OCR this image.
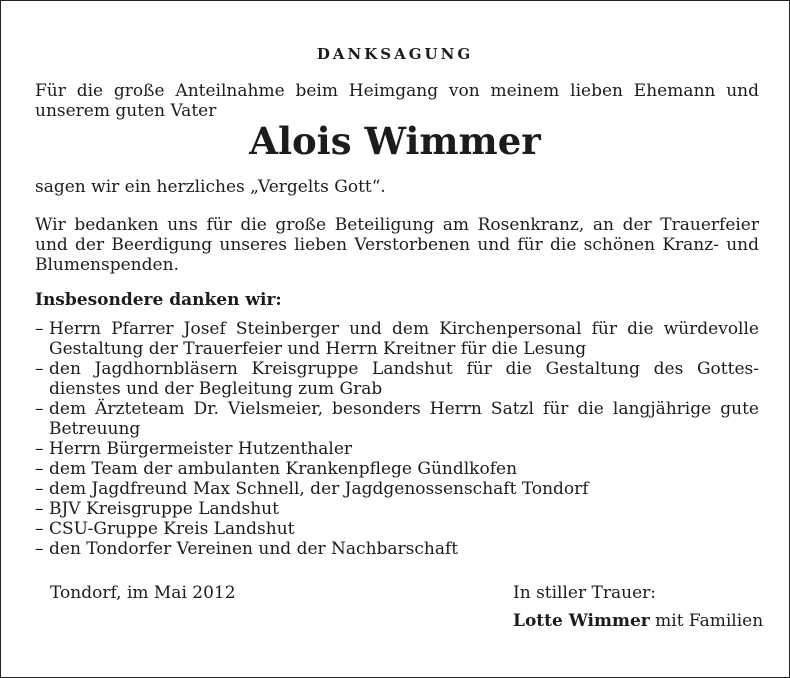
DANKSAGUNG
Für die große Anteilnahme beim Heimgang von meinem lieben Ehemann und unserem guten Vater
Alois Wimmer
sagen wir ein herzliches „Vergelts Gott“.
Wir bedanken uns für die große Beteiligung am Rosenkranz, an der Trauerfeier und der Beerdigung unseres lieben Verstorbenen und für die schönen Kranz- und Blumenspenden.
Insbesondere danken wir:
– Herrn Pfarrer Josef Steinberger und dem Kirchenpersonal für die würdevolle Gestaltung der Trauerfeier und Herrn Kreitner für die Lesung
– den Jagdhornbläsern Kreisgruppe Landshut für die Gestaltung des Gottes-dienstes und der Begleitung zum Grab
– dem Ärzteteam Dr. Vielsmeier, besonders Herrn Satzl für die langjährige gute Betreuung
– Herrn Bürgermeister Hutzenthaler
– dem Team der ambulanten Krankenpflege Gündlkofen
– dem Jagdfreund Max Schnell, der Jagdgenossenschaft Tondorf
– BJV Kreisgruppe Landshut
– CSU-Gruppe Kreis Landshut
– den Tondorfer Vereinen und der Nachbarschaft
Tondorf, im Mai 2012	In stiller Trauer:
Lotte Wimmer mit Familien
